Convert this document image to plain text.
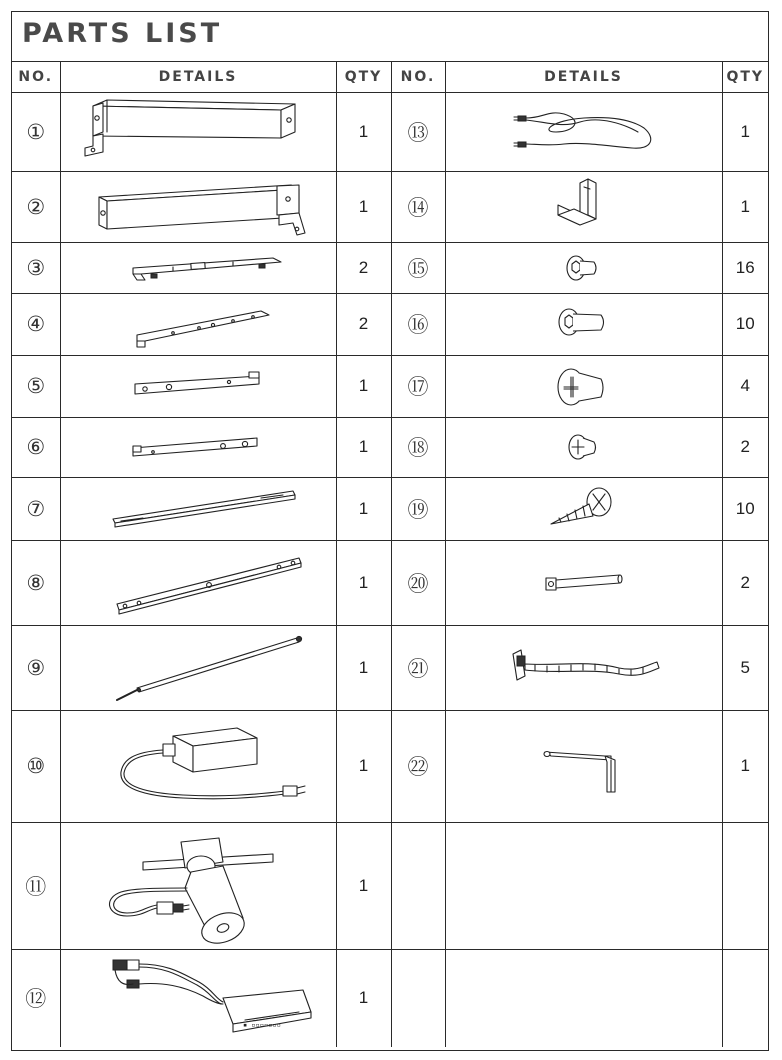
PARTS LIST
NO.	DETAILS	QTY	NO.	DETAILS	QTY
①		1	⑬		1
②		1	⑭		1
③		2	⑮		16
④		2	⑯		10
⑤		1	⑰		4
⑥		1	⑱		2
⑦		1	⑲		10
⑧		1	⑳		2
⑨		1	㉑		5
⑩		1	㉒		1
⑪		1			
⑫	▪ ▫▫▫▫▫▫▫	1			
